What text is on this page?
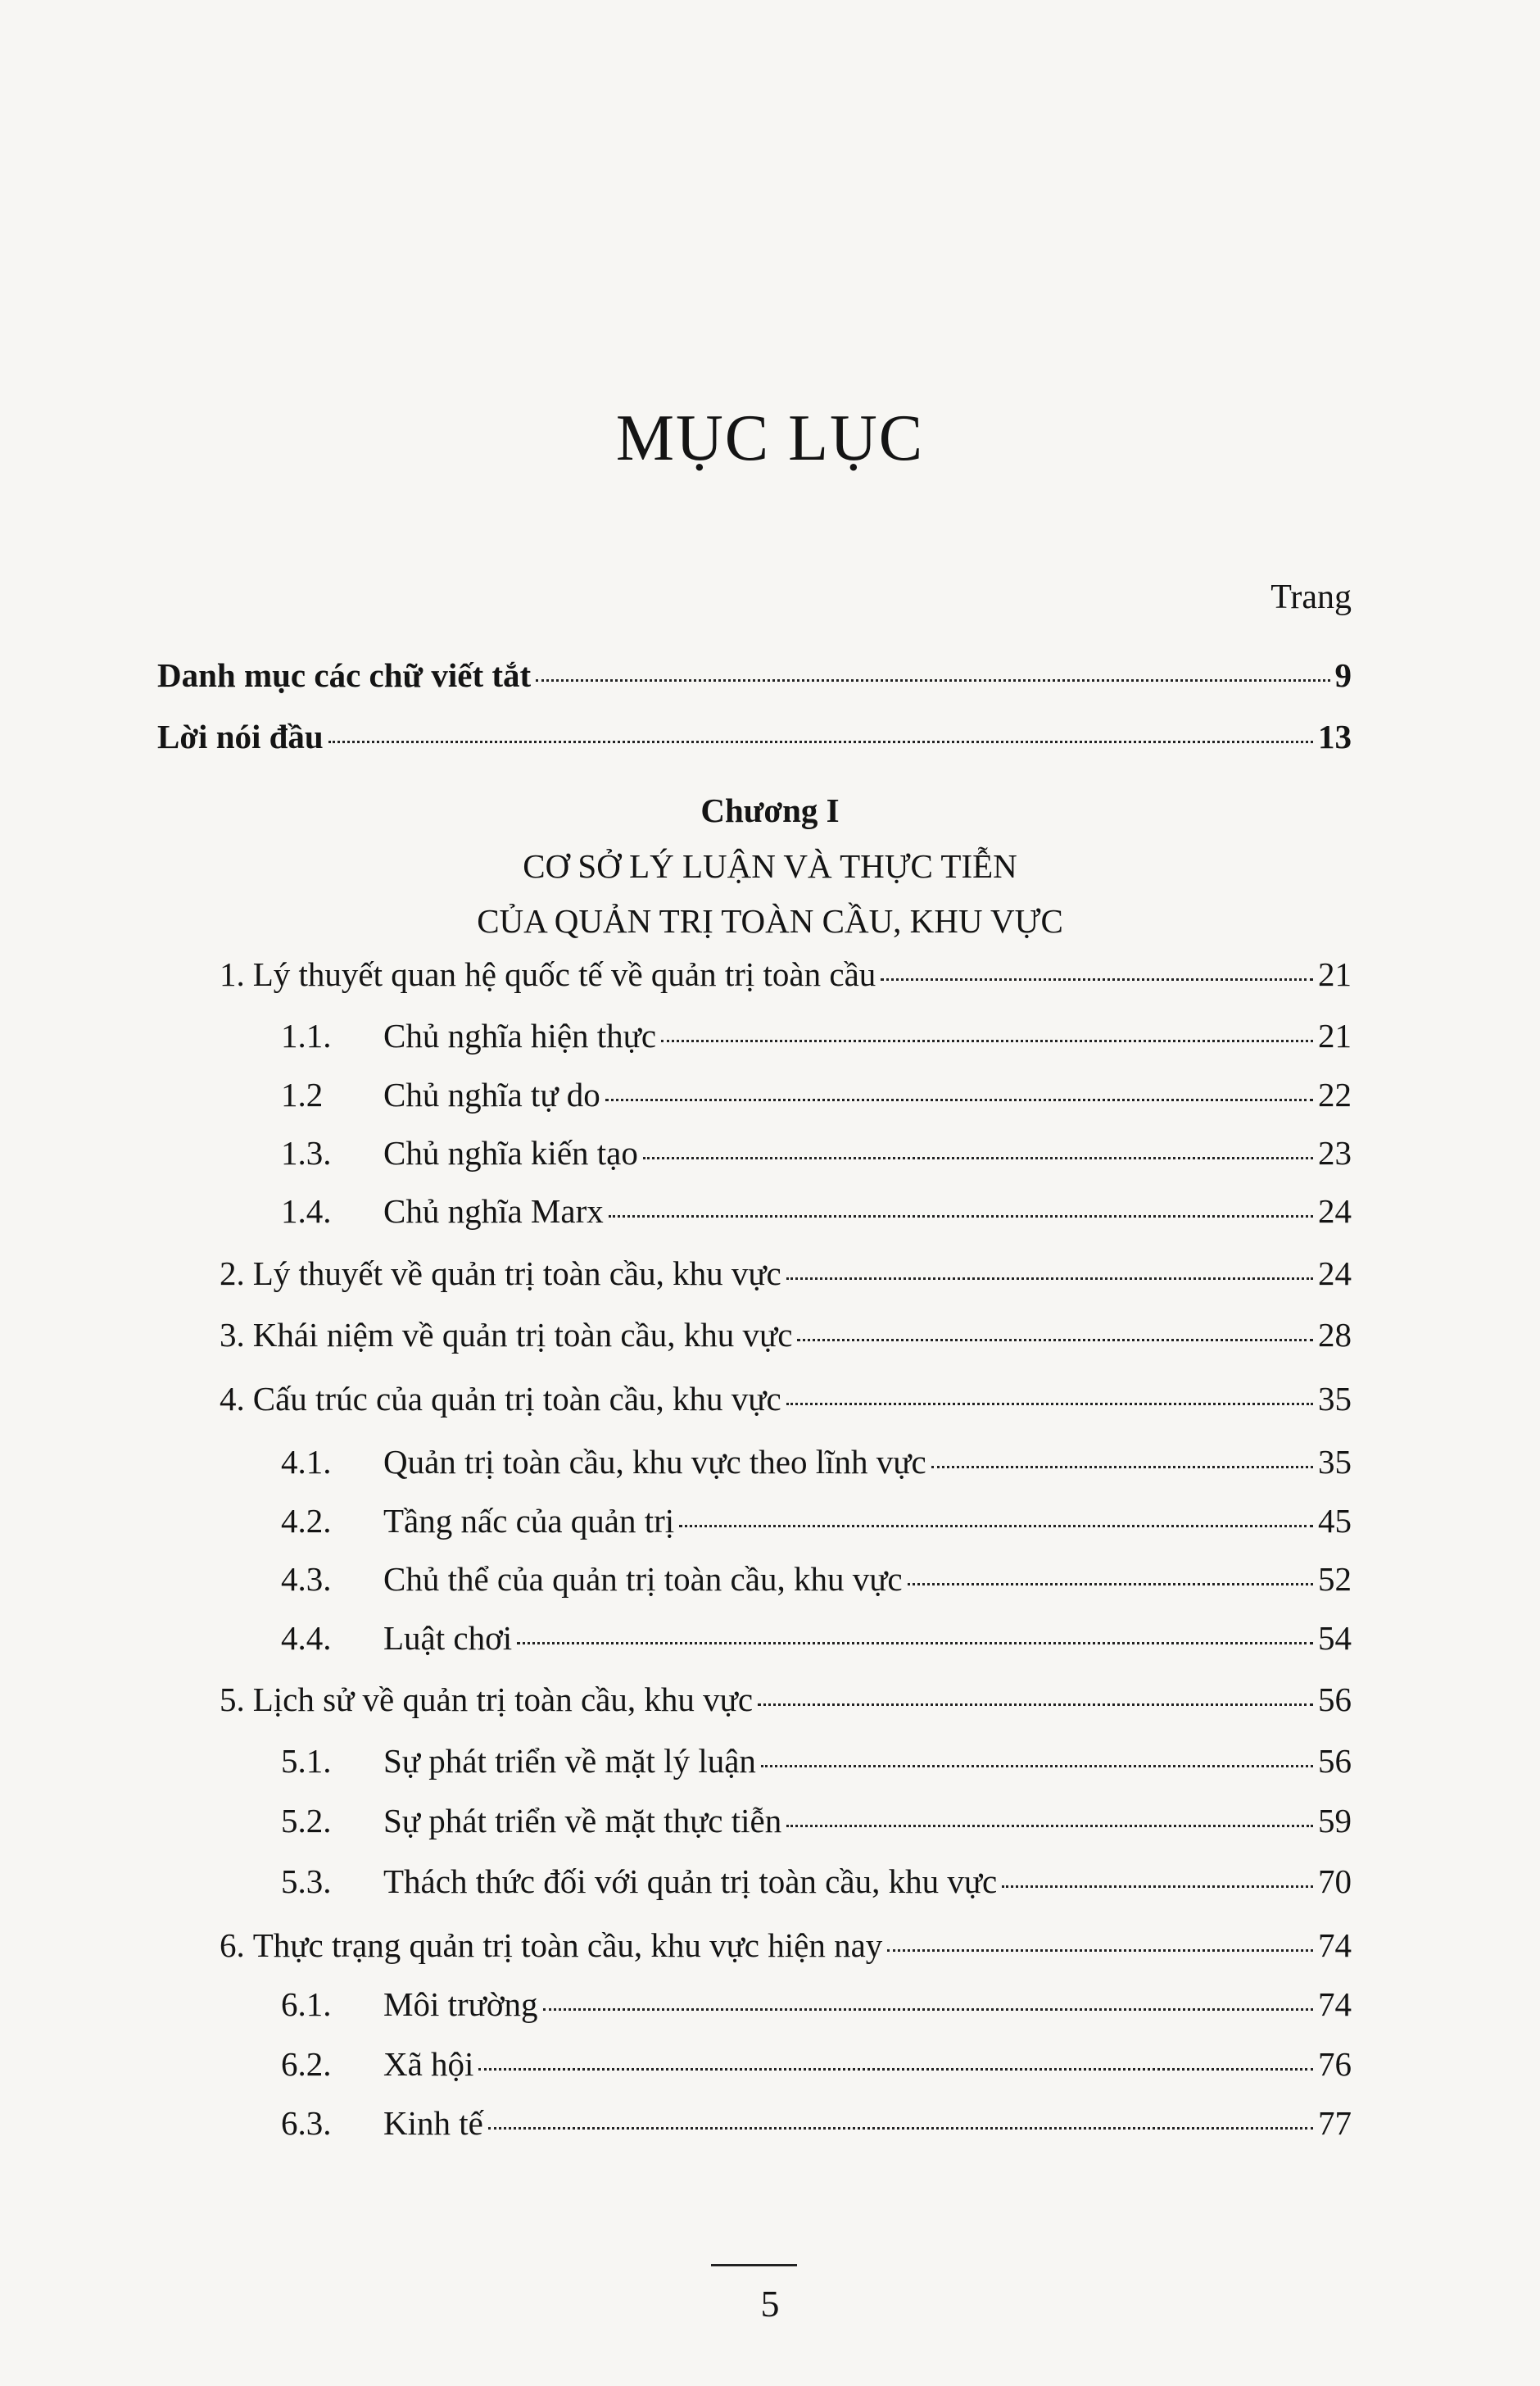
MỤC LỤC
Trang
Danh mục các chữ viết tắt	9
Lời nói đầu	13
Chương I
CƠ SỞ LÝ LUẬN VÀ THỰC TIỄN
CỦA QUẢN TRỊ TOÀN CẦU, KHU VỰC
1. Lý thuyết quan hệ quốc tế về quản trị toàn cầu	21
1.1.	Chủ nghĩa hiện thực	21
1.2	Chủ nghĩa tự do	22
1.3.	Chủ nghĩa kiến tạo	23
1.4.	Chủ nghĩa Marx	24
2. Lý thuyết về quản trị toàn cầu, khu vực	24
3. Khái niệm về quản trị toàn cầu, khu vực	28
4. Cấu trúc của quản trị toàn cầu, khu vực	35
4.1.	Quản trị toàn cầu, khu vực theo lĩnh vực	35
4.2.	Tầng nấc của quản trị	45
4.3.	Chủ thể của quản trị toàn cầu, khu vực	52
4.4.	Luật chơi	54
5. Lịch sử về quản trị toàn cầu, khu vực	56
5.1.	Sự phát triển về mặt lý luận	56
5.2.	Sự phát triển về mặt thực tiễn	59
5.3.	Thách thức đối với quản trị toàn cầu, khu vực	70
6. Thực trạng quản trị toàn cầu, khu vực hiện nay	74
6.1.	Môi trường	74
6.2.	Xã hội	76
6.3.	Kinh tế	77
5
